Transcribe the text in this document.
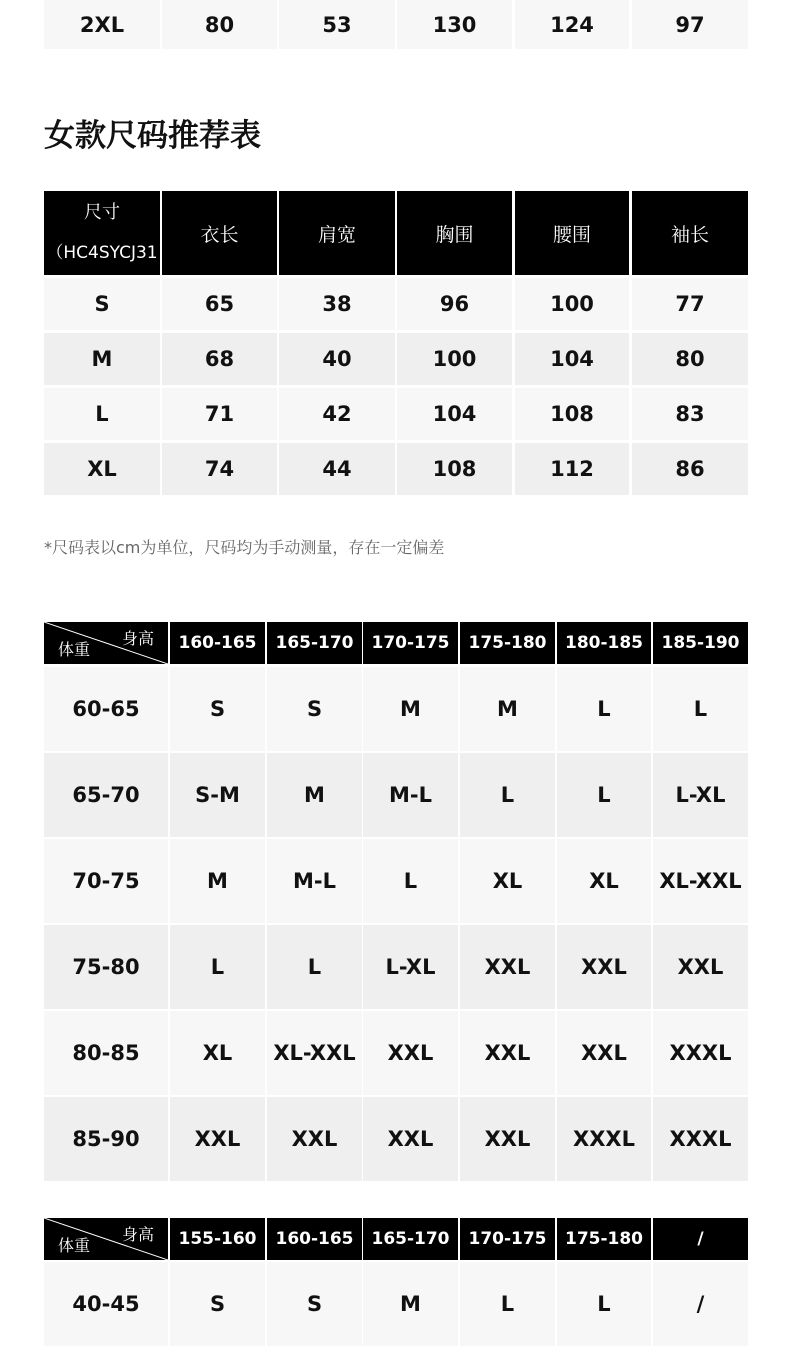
2XL	80	53	130	124	97
女款尺码推荐表
尺寸
（HC4SYCJ31
衣长	肩宽	胸围	腰围	袖长
S	65	38	96	100	77
M	68	40	100	104	80
L	71	42	104	108	83
XL	74	44	108	112	86
*尺码表以cm为单位，尺码均为手动测量，存在一定偏差
身高
体重	160-165	165-170	170-175	175-180	180-185	185-190
60-65	S	S	M	M	L	L
65-70	S-M	M	M-L	L	L	L-XL
70-75	M	M-L	L	XL	XL	XL-XXL
75-80	L	L	L-XL	XXL	XXL	XXL
80-85	XL	XL-XXL	XXL	XXL	XXL	XXXL
85-90	XXL	XXL	XXL	XXL	XXXL	XXXL
身高
体重	155-160	160-165	165-170	170-175	175-180	/
40-45	S	S	M	L	L	/
